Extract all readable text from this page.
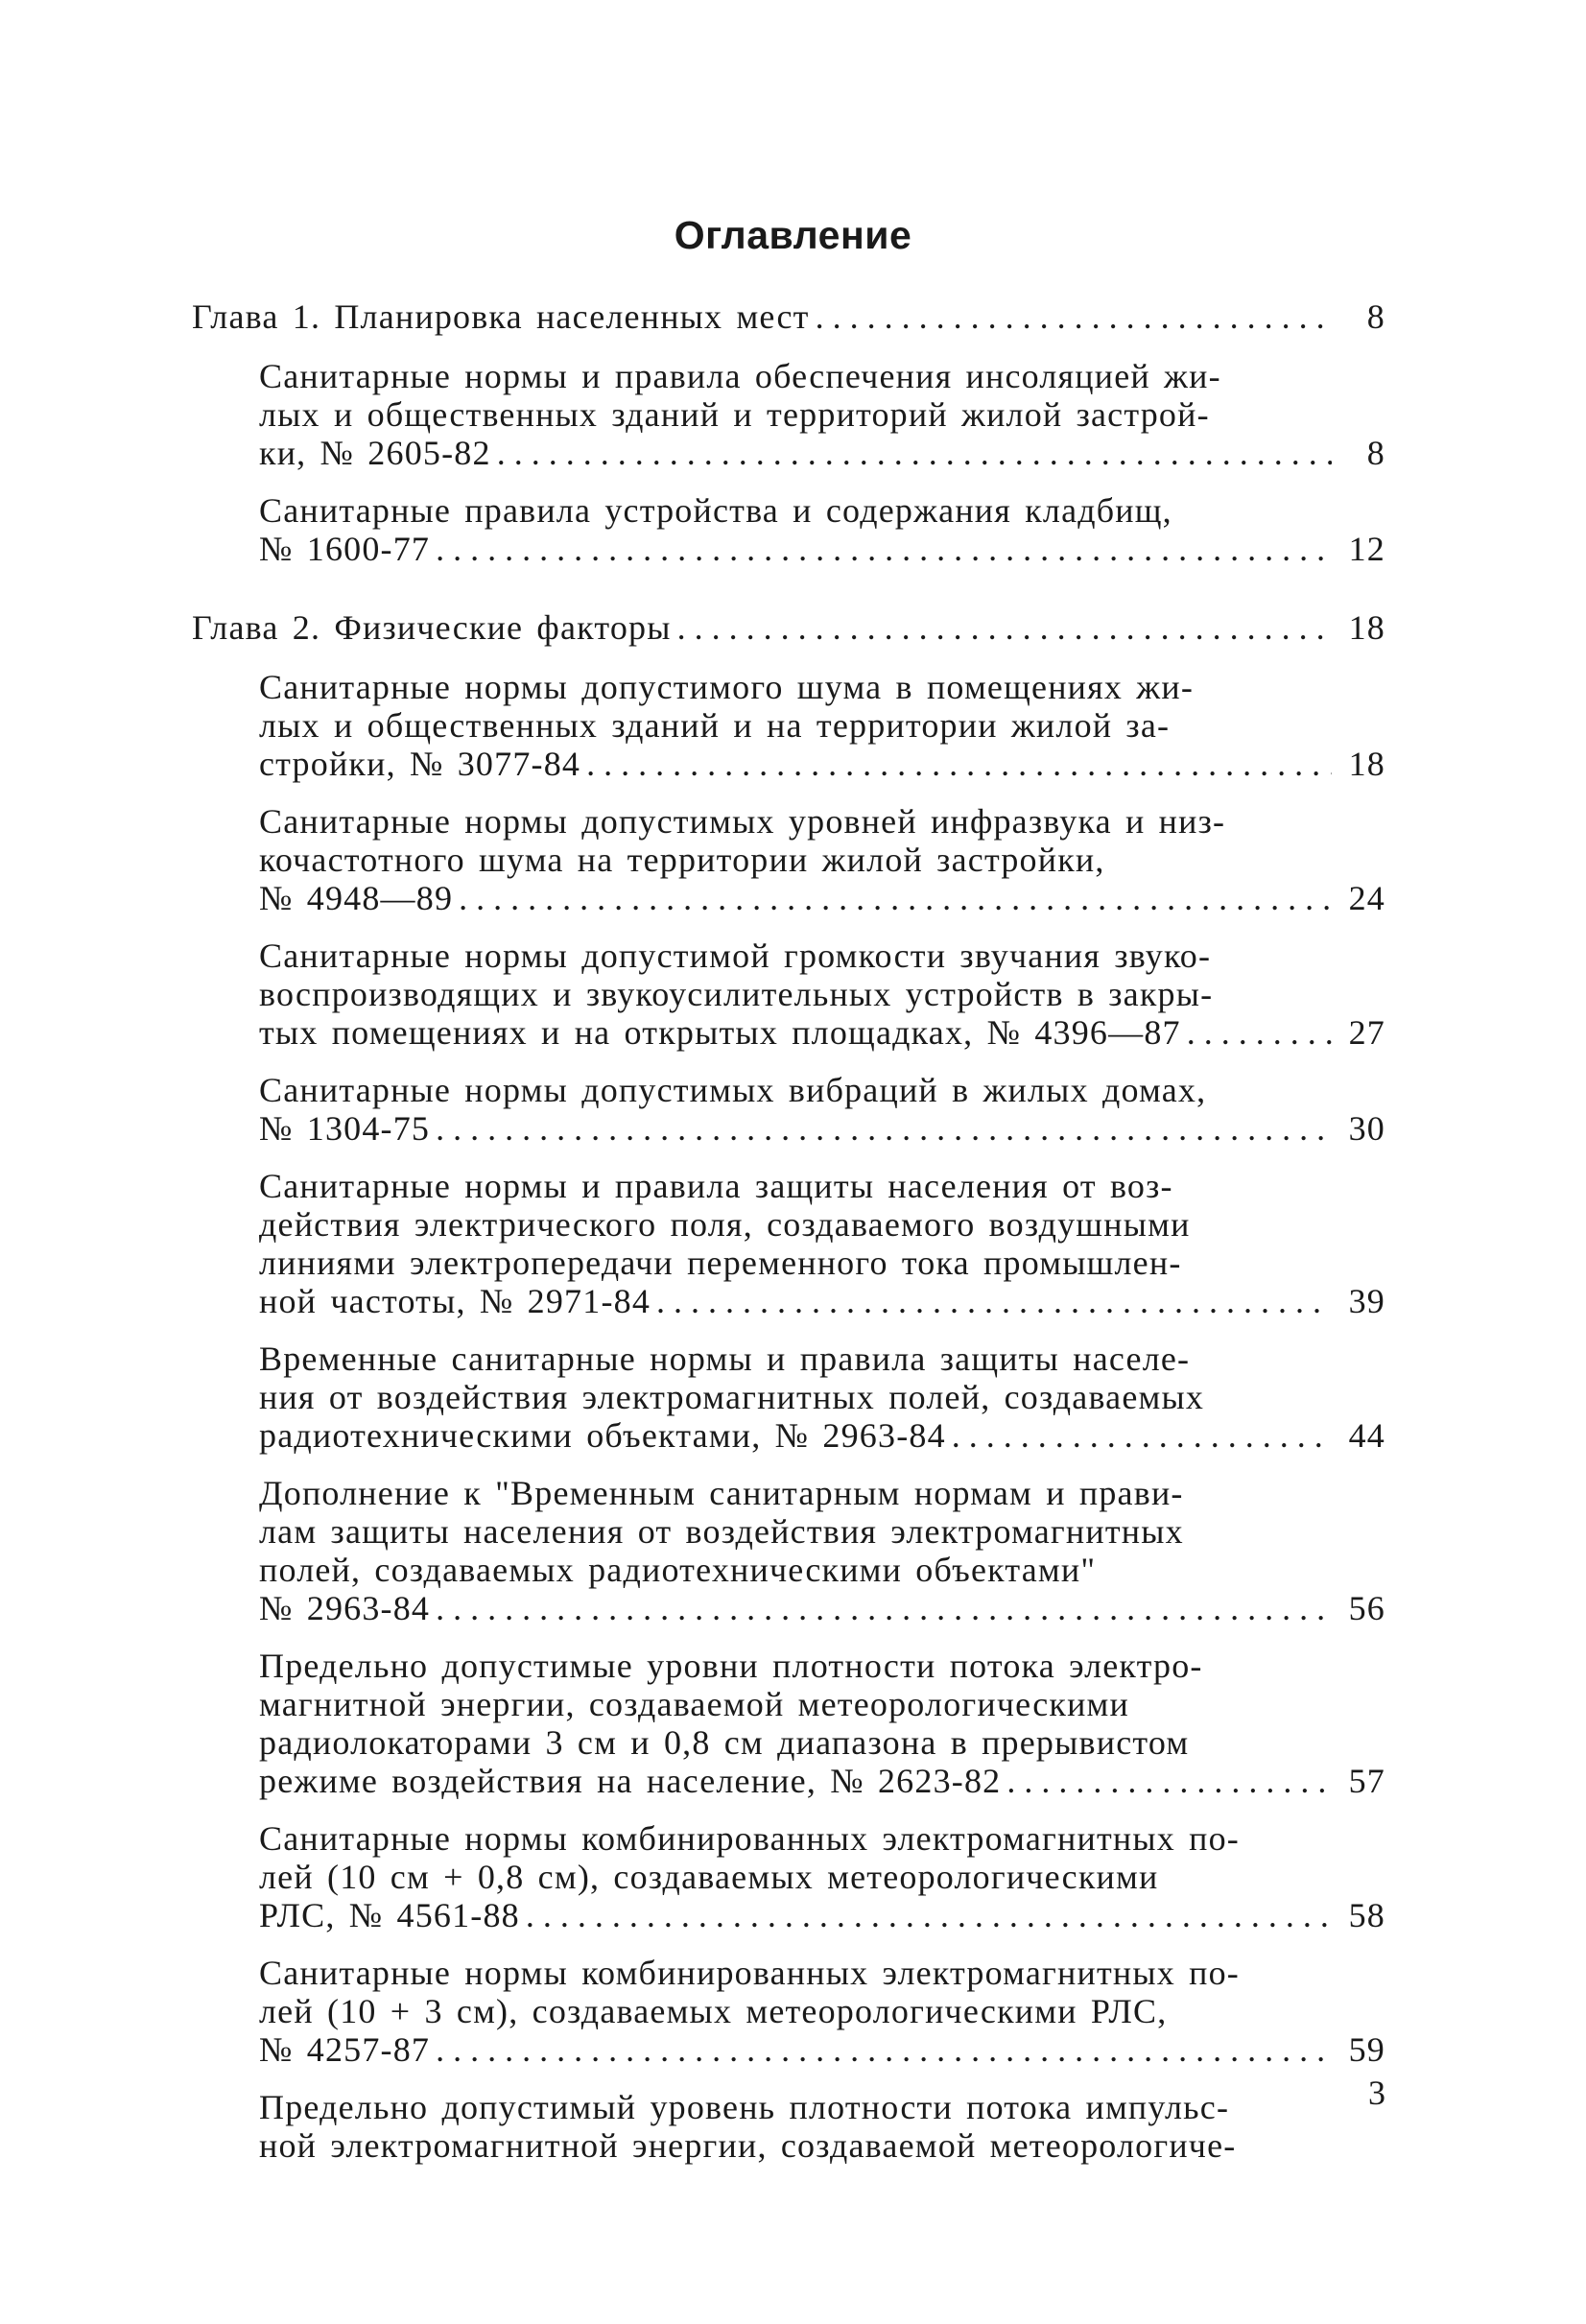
Оглавление
Глава 1. Планировка населенных мест .....	8
Санитарные нормы и правила обеспечения инсоляцией жи-
лых и общественных зданий и территорий жилой застрой-
ки, № 2605-82 .....	8
Санитарные правила устройства и содержания кладбищ,
№ 1600-77 .....	12
Глава 2. Физические факторы .....	18
Санитарные нормы допустимого шума в помещениях жи-
лых и общественных зданий и на территории жилой за-
стройки, № 3077-84 .....	18
Санитарные нормы допустимых уровней инфразвука и низ-
кочастотного шума на территории жилой застройки,
№ 4948—89 .....	24
Санитарные нормы допустимой громкости звучания звуко-
воспроизводящих и звукоусилительных устройств в закры-
тых помещениях и на открытых площадках, № 4396—87 .....	27
Санитарные нормы допустимых вибраций в жилых домах,
№ 1304-75 .....	30
Санитарные нормы и правила защиты населения от воз-
действия электрического поля, создаваемого воздушными
линиями электропередачи переменного тока промышлен-
ной частоты, № 2971-84 .....	39
Временные санитарные нормы и правила защиты населе-
ния от воздействия электромагнитных полей, создаваемых
радиотехническими объектами, № 2963-84 .....	44
Дополнение к "Временным санитарным нормам и прави-
лам защиты населения от воздействия электромагнитных
полей, создаваемых радиотехническими объектами"
№ 2963-84 .....	56
Предельно допустимые уровни плотности потока электро-
магнитной энергии, создаваемой метеорологическими
радиолокаторами 3 см и 0,8 см диапазона в прерывистом
режиме воздействия на население, № 2623-82 .....	57
Санитарные нормы комбинированных электромагнитных по-
лей (10 см + 0,8 см), создаваемых метеорологическими
РЛС, № 4561-88 .....	58
Санитарные нормы комбинированных электромагнитных по-
лей (10 + 3 см), создаваемых метеорологическими РЛС,
№ 4257-87 .....	59
Предельно допустимый уровень плотности потока импульс-
ной электромагнитной энергии, создаваемой метеорологиче-
3
